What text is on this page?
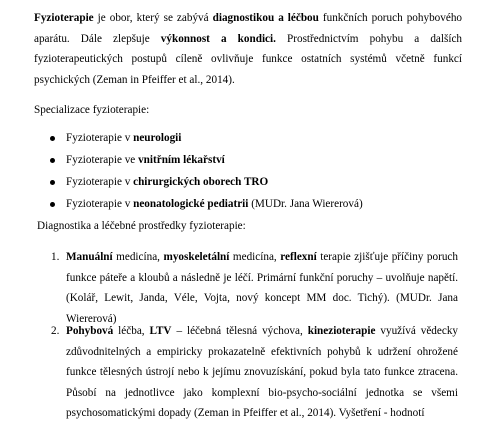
Fyzioterapie je obor, který se zabývá diagnostikou a léčbou funkčních poruch pohybového aparátu. Dále zlepšuje výkonnost a kondici. Prostřednictvím pohybu a dalších fyzioterapeutických postupů cíleně ovlivňuje funkce ostatních systémů včetně funkcí psychických (Zeman in Pfeiffer et al., 2014).
Specializace fyzioterapie:
Fyzioterapie v neurologii
Fyzioterapie ve vnitřním lékařství
Fyzioterapie v chirurgických oborech TRO
Fyzioterapie v neonatologické pediatrii (MUDr. Jana Wiererová)
Diagnostika a léčebné prostředky fyzioterapie:
1. Manuální medicína, myoskeletální medicína, reflexní terapie zjišťuje příčiny poruch funkce páteře a kloubů a následně je léčí. Primární funkční poruchy – uvolňuje napětí. (Kolář, Lewit, Janda, Véle, Vojta, nový koncept MM doc. Tichý). (MUDr. Jana Wiererová)
2. Pohybová léčba, LTV – léčebná tělesná výchova, kinezioterapie využívá vědecky zdůvodnitelných a empiricky prokazatelně efektivních pohybů k udržení ohrožené funkce tělesných ústrojí nebo k jejímu znovuzískání, pokud byla tato funkce ztracena. Působí na jednotlivce jako komplexní bio-psycho-sociální jednotka se všemi psychosomatickými dopady (Zeman in Pfeiffer et al., 2014). Vyšetření - hodnotí
